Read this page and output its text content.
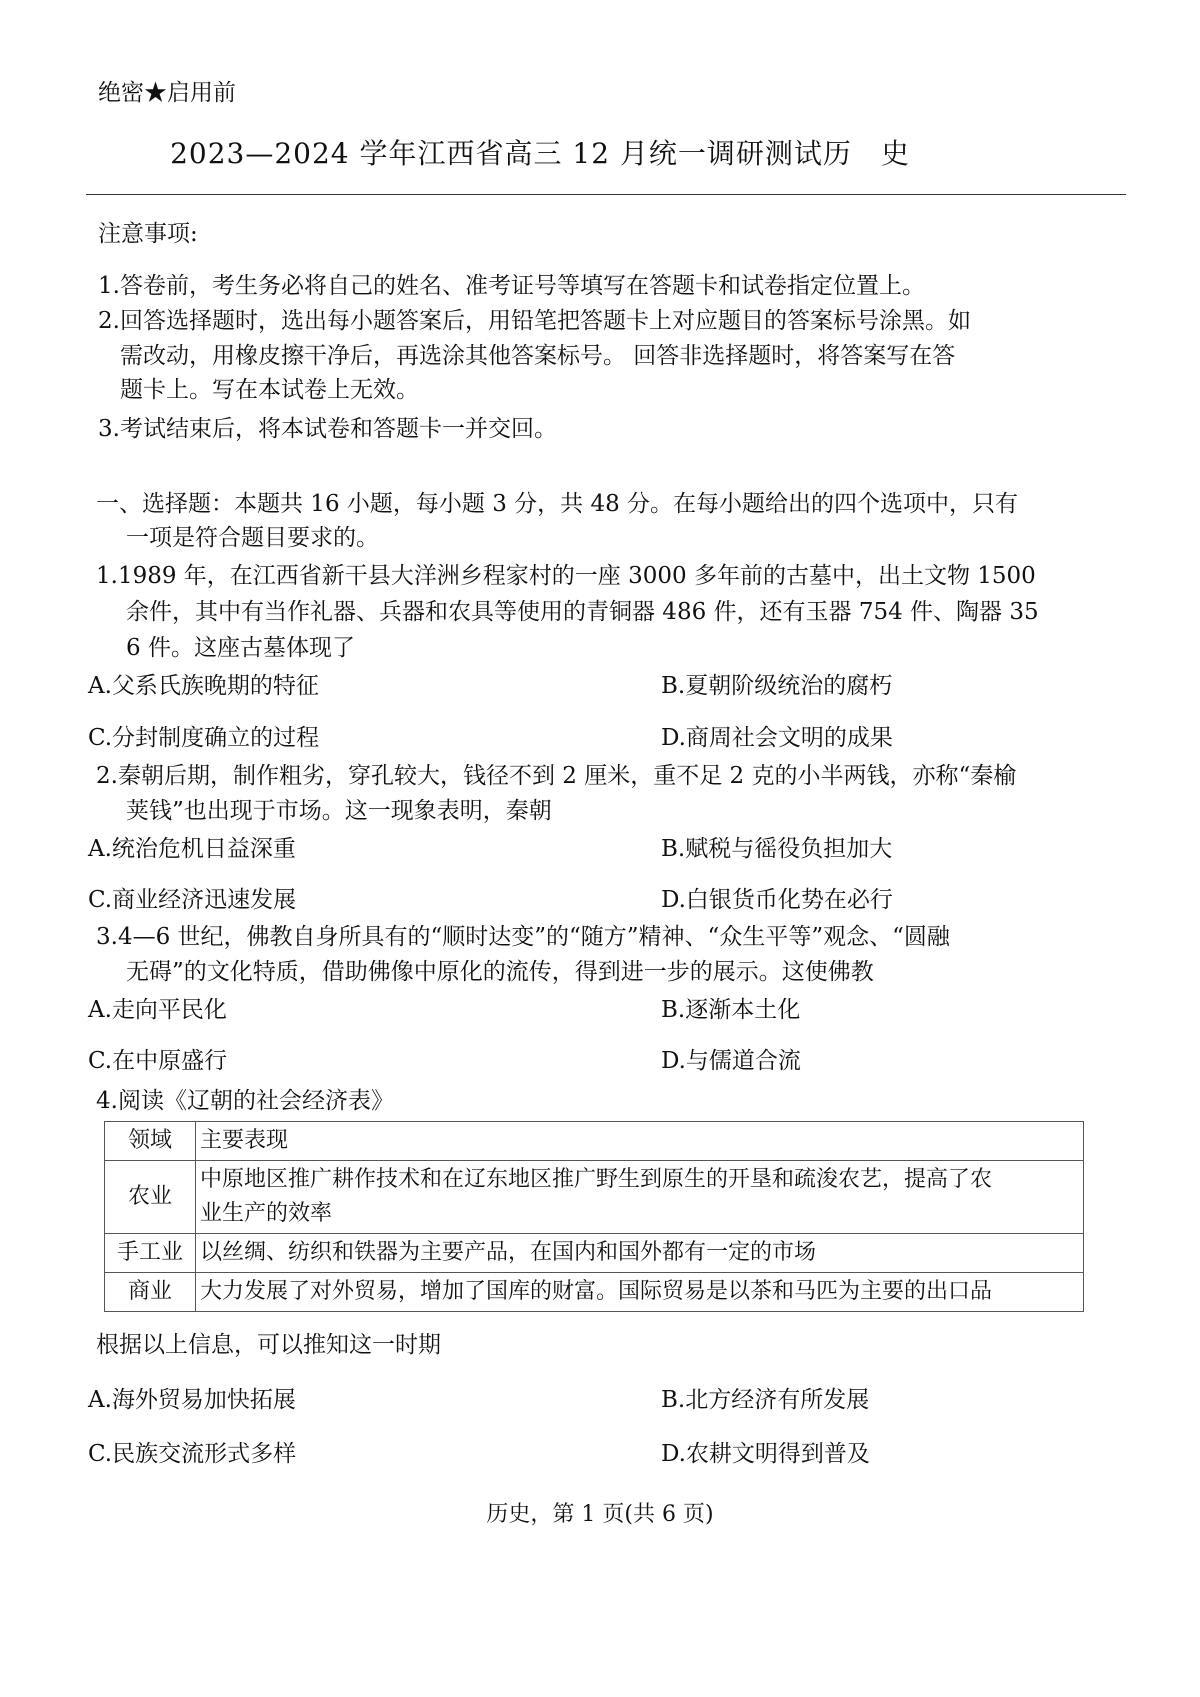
绝密★启用前
2023—2024 学年江西省高三 12 月统一调研测试历　史
注意事项:
1.答卷前，考生务必将自己的姓名、准考证号等填写在答题卡和试卷指定位置上。
2.回答选择题时，选出每小题答案后，用铅笔把答题卡上对应题目的答案标号涂黑。如
需改动，用橡皮擦干净后，再选涂其他答案标号。 回答非选择题时，将答案写在答
题卡上。写在本试卷上无效。
3.考试结束后，将本试卷和答题卡一并交回。
一、选择题：本题共 16 小题，每小题 3 分，共 48 分。在每小题给出的四个选项中，只有
一项是符合题目要求的。
1.1989 年，在江西省新干县大洋洲乡程家村的一座 3000 多年前的古墓中，出土文物 1500
余件，其中有当作礼器、兵器和农具等使用的青铜器 486 件，还有玉器 754 件、陶器 35
6 件。这座古墓体现了
A.父系氏族晚期的特征	B.夏朝阶级统治的腐朽
C.分封制度确立的过程	D.商周社会文明的成果
2.秦朝后期，制作粗劣，穿孔较大，钱径不到 2 厘米，重不足 2 克的小半两钱，亦称“秦榆
荚钱”也出现于市场。这一现象表明，秦朝
A.统治危机日益深重	B.赋税与徭役负担加大
C.商业经济迅速发展	D.白银货币化势在必行
3.4—6 世纪，佛教自身所具有的“顺时达变”的“随方”精神、“众生平等”观念、“圆融
无碍”的文化特质，借助佛像中原化的流传，得到进一步的展示。这使佛教
A.走向平民化	B.逐渐本土化
C.在中原盛行	D.与儒道合流
4.阅读《辽朝的社会经济表》
领域	主要表现
农业	中原地区推广耕作技术和在辽东地区推广野生到原生的开垦和疏浚农艺，提高了农
业生产的效率

手工业	以丝绸、纺织和铁器为主要产品，在国内和国外都有一定的市场
商业	大力发展了对外贸易，增加了国库的财富。国际贸易是以茶和马匹为主要的出口品
根据以上信息，可以推知这一时期
A.海外贸易加快拓展	B.北方经济有所发展
C.民族交流形式多样	D.农耕文明得到普及
历史，第 1 页(共 6 页)
